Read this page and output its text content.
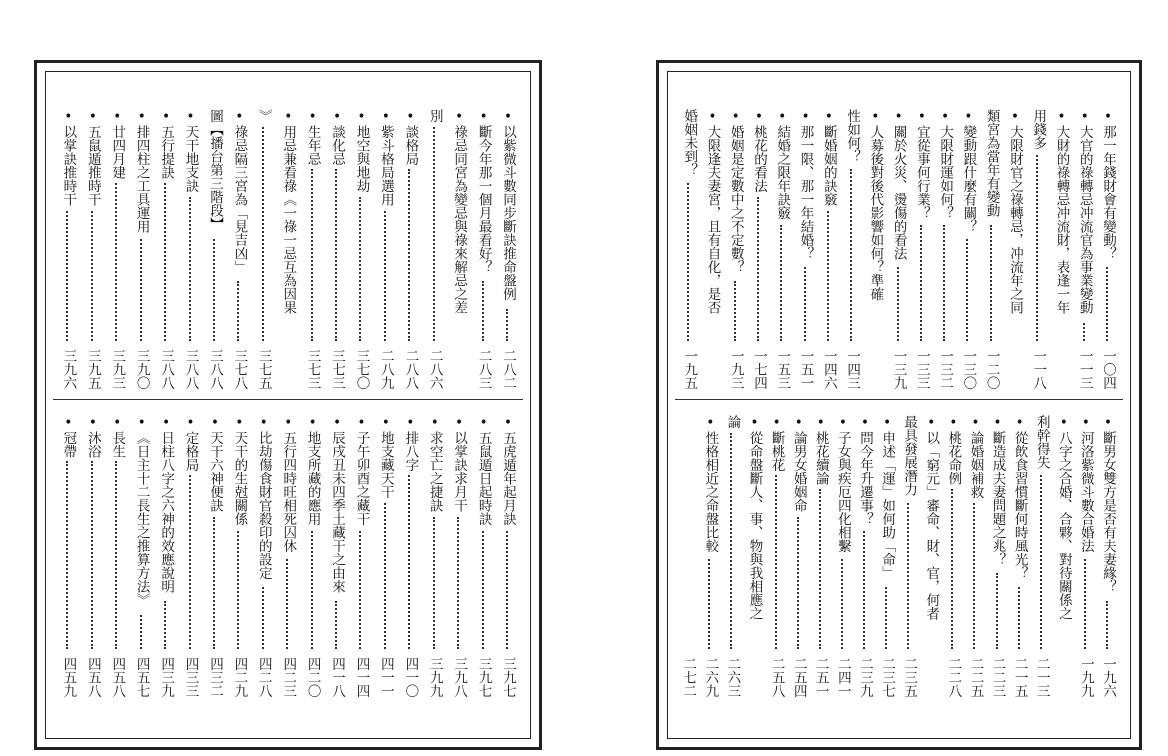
•以紫微斗數同步斷訣推命盤例
二八二
•斷今年那一個月最看好？
二八三
•祿忌同宮為變忌與祿來解忌之差
別
二八六
•談格局
二八八
•紫斗格局選用
二八九
•地空與地劫
三七〇
•談化忌
三七三
•生年忌
三七三
•用忌兼看祿《一祿一忌互為因果
》
三七五
•祿忌隔三宮為「見吉凶」
三七八
圖【播台第三階段】
三八八
•天干地支訣
三八八
•五行提訣
三八八
•排四柱之工具運用
三九〇
•廿四月建
三九三
•五鼠遁推時干
三九五
•以掌訣推時干
三九六
•五虎遁年起月訣
三九七
•五鼠遁日起時訣
三九七
•以掌訣求月干
三九八
•求空亡之捷訣
三九九
•排八字
四一〇
•地支藏天干
四一一
•子午卯酉之藏干
四一四
•辰戌丑未四季土藏干之由來
四一八
•地支所藏的應用
四二〇
•五行四時旺相死囚休
四二三
•比劫傷食財官殺印的設定
四二八
•天干的生尅關係
四二九
•天干六神便訣
四三二
•定格局
四三三
•日柱八字之六神的效應說明
四三九
•《日主十二長生之推算方法》
四五七
•長生
四五八
•沐浴
四五八
•冠帶
四五九
•那一年錢財會有變動？
一〇四
•大官的祿轉忌冲流官為事業變動
一一三
•大財的祿轉忌冲流財，表逢一年
用錢多
一一八
•大限財官之祿轉忌，冲流年之同
類宮為當年有變動
一二〇
•變動跟什麼有關？
一三〇
•大限財運如何？
一三二
•宜從事何行業？
一三三
•關於火災、燙傷的看法
一三九
•人募後對後代影響如何？準確
性如何？
一四三
•斷婚姻的訣竅
一四六
•那一限、那一年結婚？
一五一
•結婚之限年訣竅
一五三
•桃花的看法
一七四
•婚姻是定數中之不定數？
一九三
•大限逢夫妻宮，且有自化，是否
婚姻未到？
一九五
•斷男女雙方是否有夫妻緣？
一九六
•河洛紫微斗數合婚法
一九九
•八字之合婚、合夥、對待關係之
利幹得失
二一三
•從飲食習慣斷何時風光？
二一五
•斷造成夫妻問題之兆？
二二三
•論婚姻補救
二二五
•桃花命例
二二八
•以「窮元」審命、財、官，何者
最具發展潛力
二三五
•申述「運」如何助「命」
二三七
•問今年升遷事？
二三九
•子女與疾厄四化相繫
二四一
•桃花續論
二五一
•論男女婚姻命
二五四
•斷桃花
二五八
•從命盤斷人、事、物與我相應之
論
二六三
•性格相近之命盤比較
二六九
二七二
